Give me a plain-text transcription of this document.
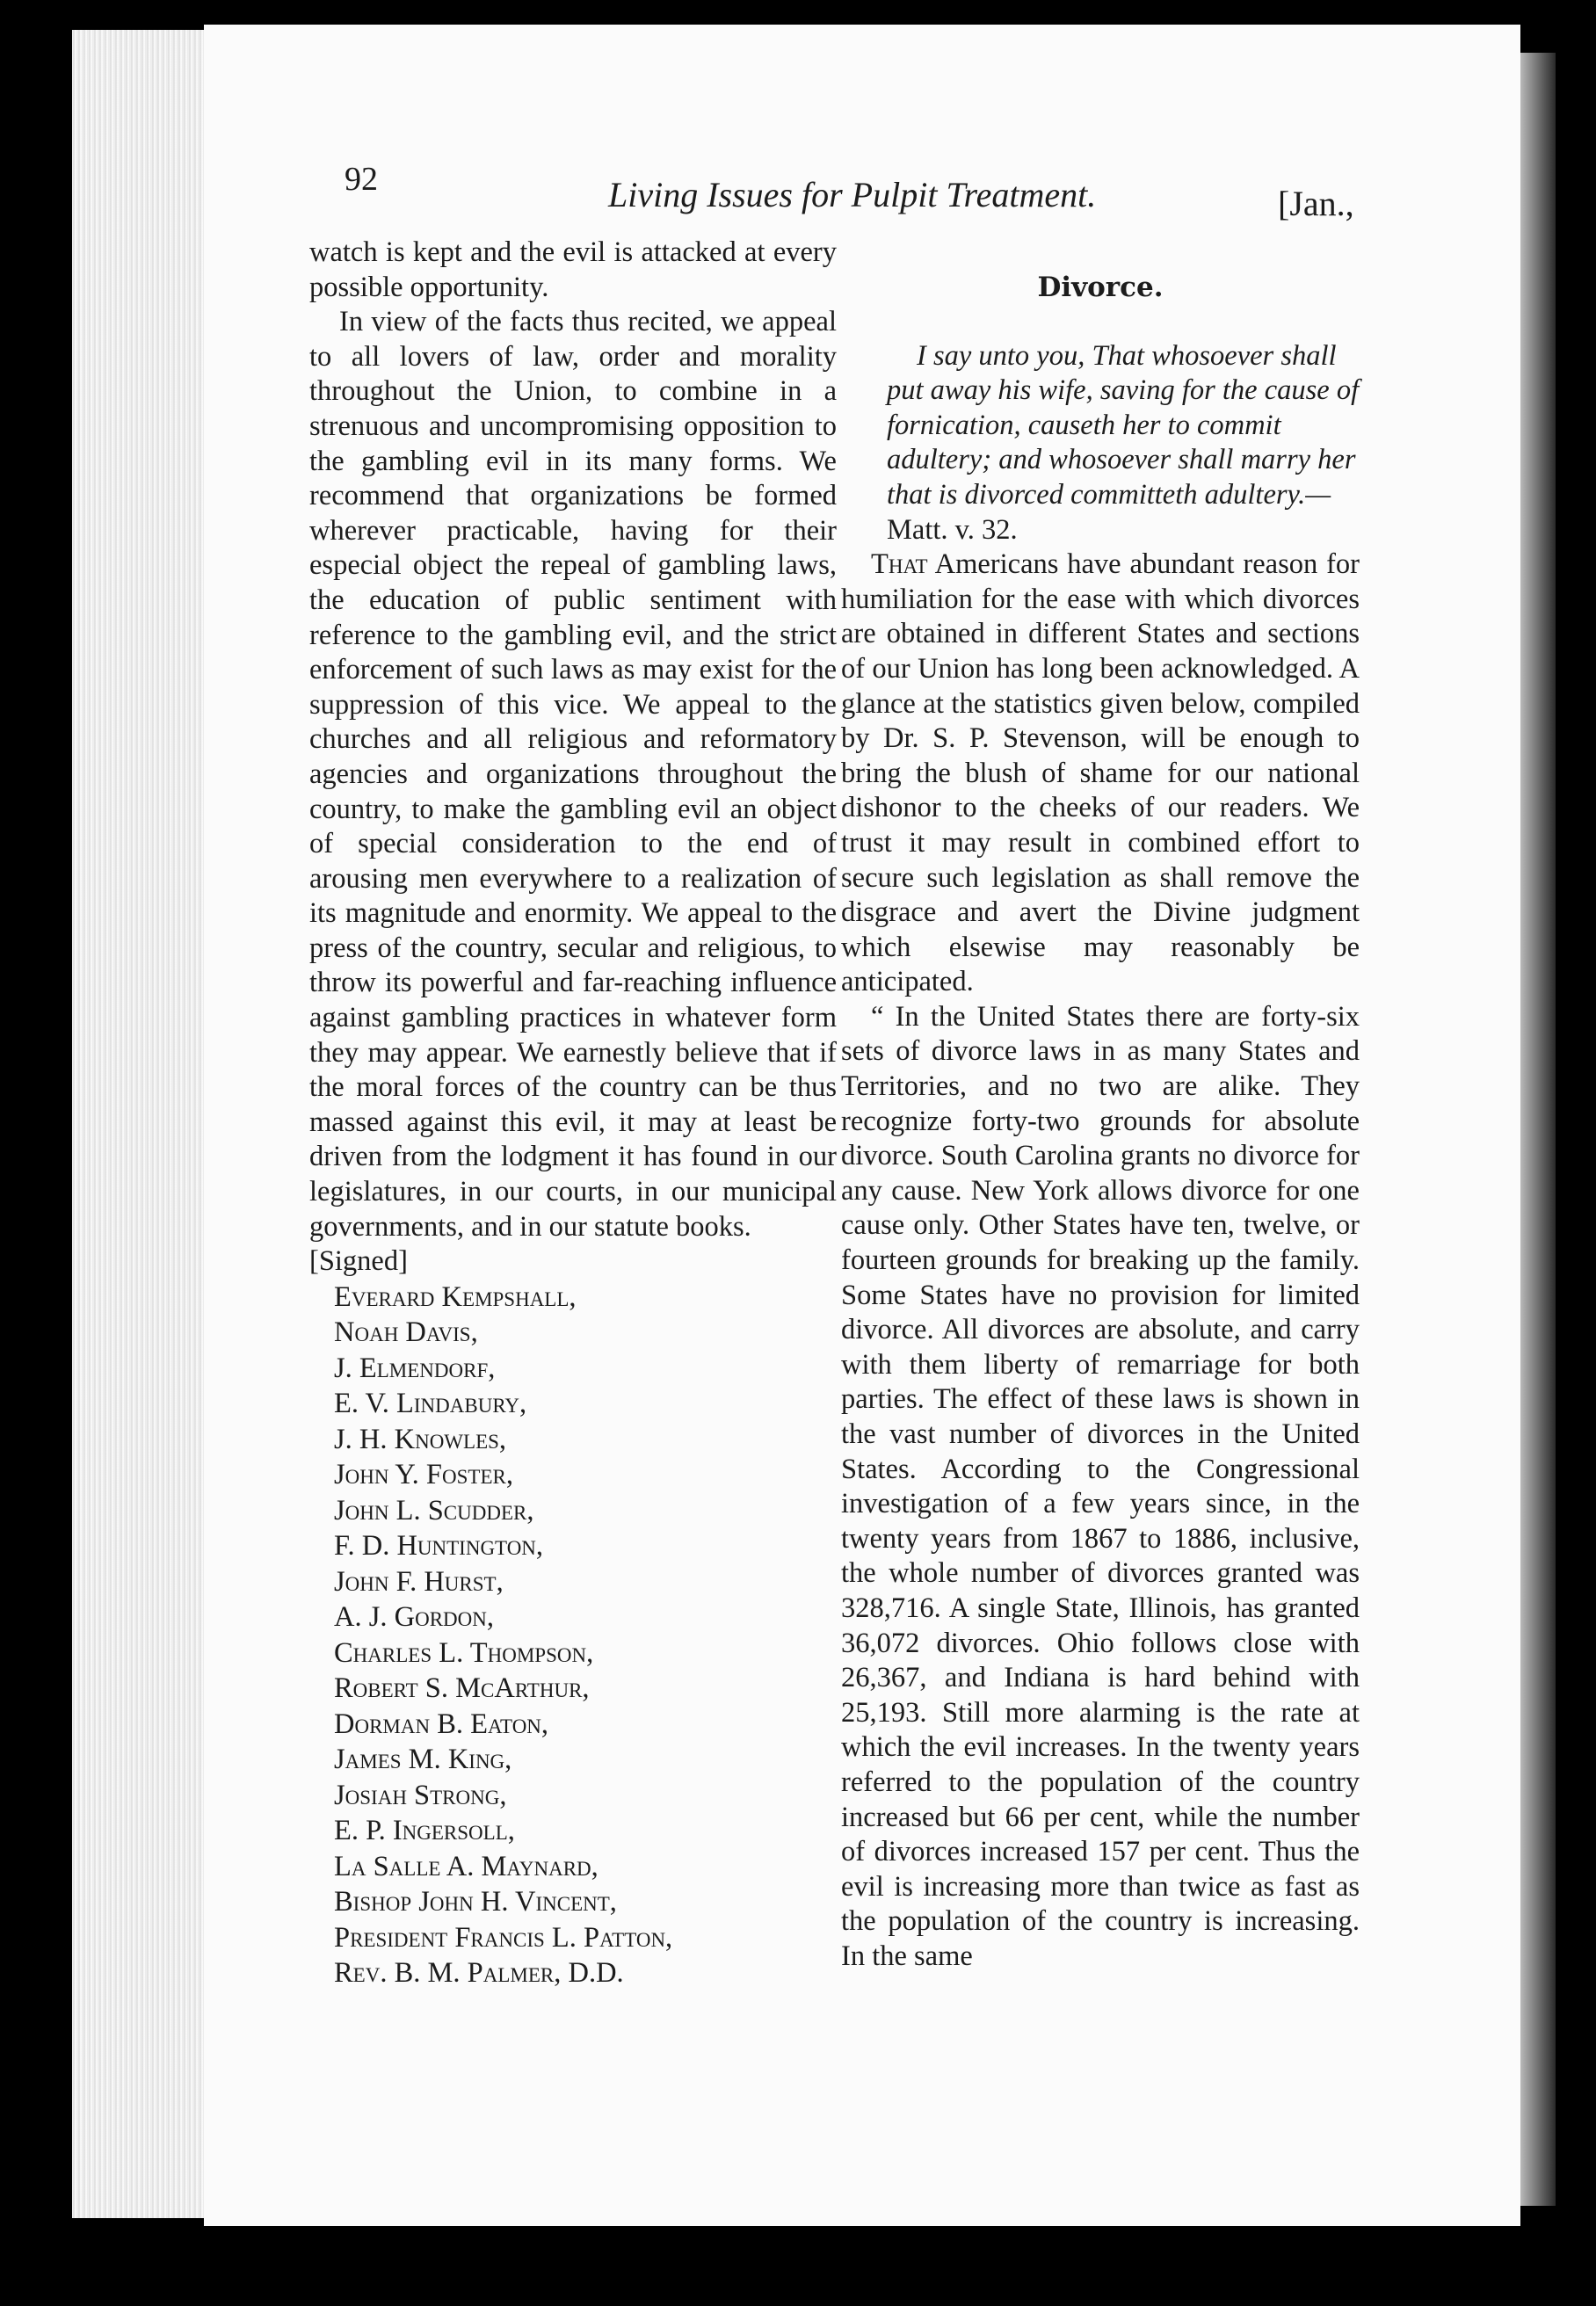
92	Living Issues for Pulpit Treatment.	[Jan.,

watch is kept and the evil is attacked at every possible opportunity.

In view of the facts thus recited, we appeal to all lovers of law, order and morality throughout the Union, to combine in a strenuous and uncompromising opposition to the gambling evil in its many forms. We recommend that organizations be formed wherever practicable, having for their especial object the repeal of gambling laws, the education of public sentiment with reference to the gambling evil, and the strict enforcement of such laws as may exist for the suppression of this vice. We appeal to the churches and all religious and reformatory agencies and organizations throughout the country, to make the gambling evil an object of special consideration to the end of arousing men everywhere to a realization of its magnitude and enormity. We appeal to the press of the country, secular and religious, to throw its powerful and far-reaching influence against gambling practices in whatever form they may appear. We earnestly believe that if the moral forces of the country can be thus massed against this evil, it may at least be driven from the lodgment it has found in our legislatures, in our courts, in our municipal governments, and in our statute books.

[Signed]

Everard Kempshall,
Noah Davis,
J. Elmendorf,
E. V. Lindabury,
J. H. Knowles,
John Y. Foster,
John L. Scudder,
F. D. Huntington,
John F. Hurst,
A. J. Gordon,
Charles L. Thompson,
Robert S. McArthur,
Dorman B. Eaton,
James M. King,
Josiah Strong,
E. P. Ingersoll,
La Salle A. Maynard,
Bishop John H. Vincent,
President Francis L. Patton,
Rev. B. M. Palmer, D.D.
Divorce.

I say unto you, That whosoever shall put away his wife, saving for the cause of fornication, causeth her to commit adultery; and whosoever shall marry her that is divorced committeth adultery.— Matt. v. 32.

That Americans have abundant reason for humiliation for the ease with which divorces are obtained in different States and sections of our Union has long been acknowledged. A glance at the statistics given below, compiled by Dr. S. P. Stevenson, will be enough to bring the blush of shame for our national dishonor to the cheeks of our readers. We trust it may result in combined effort to secure such legislation as shall remove the disgrace and avert the Divine judgment which elsewise may reasonably be anticipated.

“ In the United States there are forty-six sets of divorce laws in as many States and Territories, and no two are alike. They recognize forty-two grounds for absolute divorce. South Carolina grants no divorce for any cause. New York allows divorce for one cause only. Other States have ten, twelve, or fourteen grounds for breaking up the family. Some States have no provision for limited divorce. All divorces are absolute, and carry with them liberty of remarriage for both parties. The effect of these laws is shown in the vast number of divorces in the United States. According to the Congressional investigation of a few years since, in the twenty years from 1867 to 1886, inclusive, the whole number of divorces granted was 328,716. A single State, Illinois, has granted 36,072 divorces. Ohio follows close with 26,367, and Indiana is hard behind with 25,193. Still more alarming is the rate at which the evil increases. In the twenty years referred to the population of the country increased but 66 per cent, while the number of divorces increased 157 per cent. Thus the evil is increasing more than twice as fast as the population of the country is increasing. In the same
